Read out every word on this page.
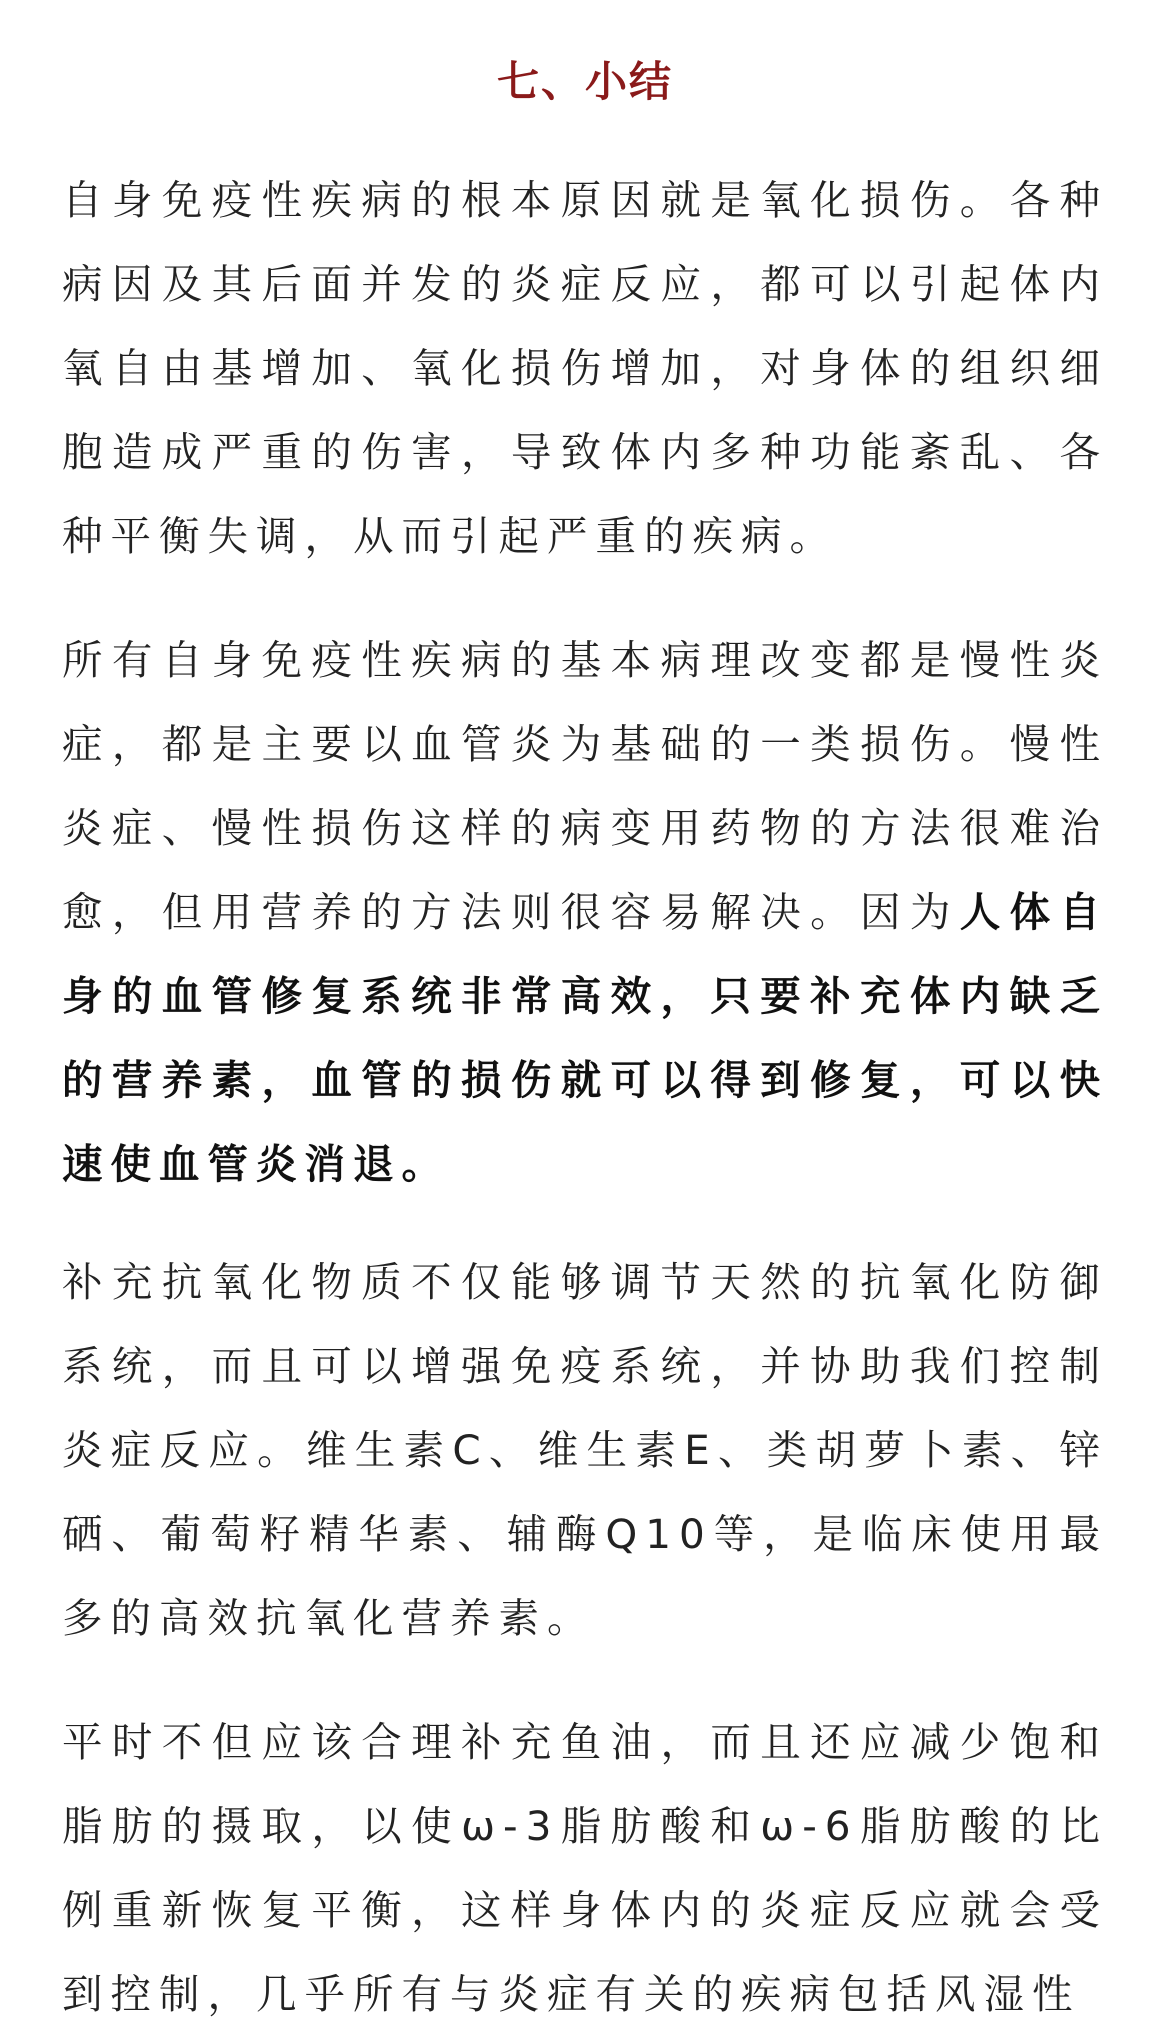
七、小结

自身免疫性疾病的根本原因就是氧化损伤。各种病因及其后面并发的炎症反应，都可以引起体内氧自由基增加、氧化损伤增加，对身体的组织细胞造成严重的伤害，导致体内多种功能紊乱、各种平衡失调，从而引起严重的疾病。

所有自身免疫性疾病的基本病理改变都是慢性炎症，都是主要以血管炎为基础的一类损伤。慢性炎症、慢性损伤这样的病变用药物的方法很难治愈，但用营养的方法则很容易解决。因为人体自身的血管修复系统非常高效，只要补充体内缺乏的营养素，血管的损伤就可以得到修复，可以快速使血管炎消退。

补充抗氧化物质不仅能够调节天然的抗氧化防御系统，而且可以增强免疫系统，并协助我们控制炎症反应。维生素C、维生素E、类胡萝卜素、锌硒、葡萄籽精华素、辅酶Q10等，是临床使用最多的高效抗氧化营养素。

平时不但应该合理补充鱼油，而且还应减少饱和脂肪的摄取，以使ω-3脂肪酸和ω-6脂肪酸的比例重新恢复平衡，这样身体内的炎症反应就会受到控制，几乎所有与炎症有关的疾病包括风湿性
